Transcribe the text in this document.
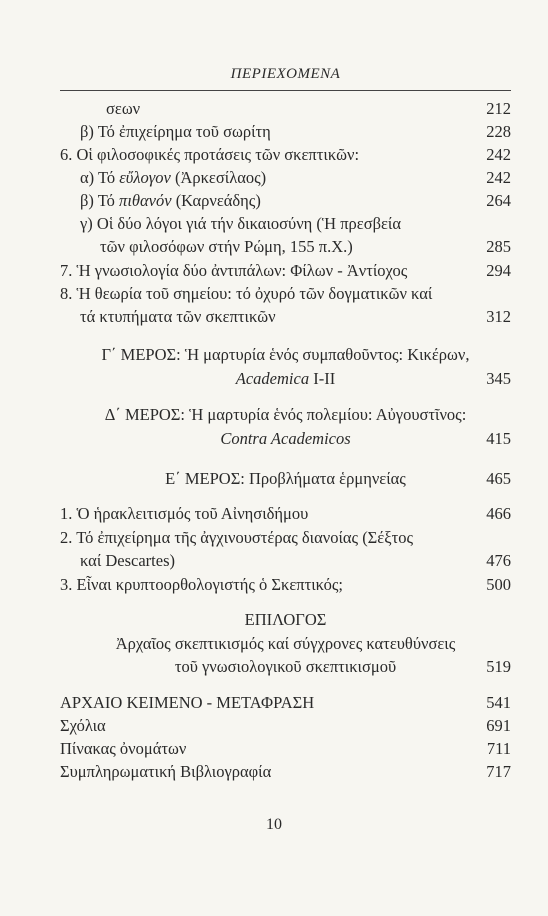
ΠΕΡΙΕΧΟΜΕΝΑ
σεων	212
β) Τό ἐπιχείρημα τοῦ σωρίτη	228
6. Οἱ φιλοσοφικές προτάσεις τῶν σκεπτικῶν:	242
α) Τό εὔλογον (Ἀρκεσίλαος)	242
β) Τό πιθανόν (Καρνεάδης)	264
γ) Οἱ δύο λόγοι γιά τήν δικαιοσύνη (Ἡ πρεσβεία
τῶν φιλοσόφων στήν Ρώμη, 155 π.Χ.)	285
7. Ἡ γνωσιολογία δύο ἀντιπάλων: Φίλων - Ἀντίοχος	294
8. Ἡ θεωρία τοῦ σημείου: τό ὀχυρό τῶν δογματικῶν καί
τά κτυπήματα τῶν σκεπτικῶν	312
Γ΄ ΜΕΡΟΣ: Ἡ μαρτυρία ἑνός συμπαθοῦντος: Κικέρων,
Academica I-II	345
Δ΄ ΜΕΡΟΣ: Ἡ μαρτυρία ἑνός πολεμίου: Αὐγουστῖνος:
Contra Academicos	415
Ε΄ ΜΕΡΟΣ: Προβλήματα ἑρμηνείας	465
1. Ὁ ἡρακλειτισμός τοῦ Αἰνησιδήμου	466
2. Τό ἐπιχείρημα τῆς ἀγχινουστέρας διανοίας (Σέξτος
καί Descartes)	476
3. Εἶναι κρυπτοορθολογιστής ὁ Σκεπτικός;	500
ΕΠΙΛΟΓΟΣ
Ἀρχαῖος σκεπτικισμός καί σύγχρονες κατευθύνσεις
τοῦ γνωσιολογικοῦ σκεπτικισμοῦ	519
ΑΡΧΑΙΟ ΚΕΙΜΕΝΟ - ΜΕΤΑΦΡΑΣΗ	541
Σχόλια	691
Πίνακας ὀνομάτων	711
Συμπληρωματική Βιβλιογραφία	717
10
